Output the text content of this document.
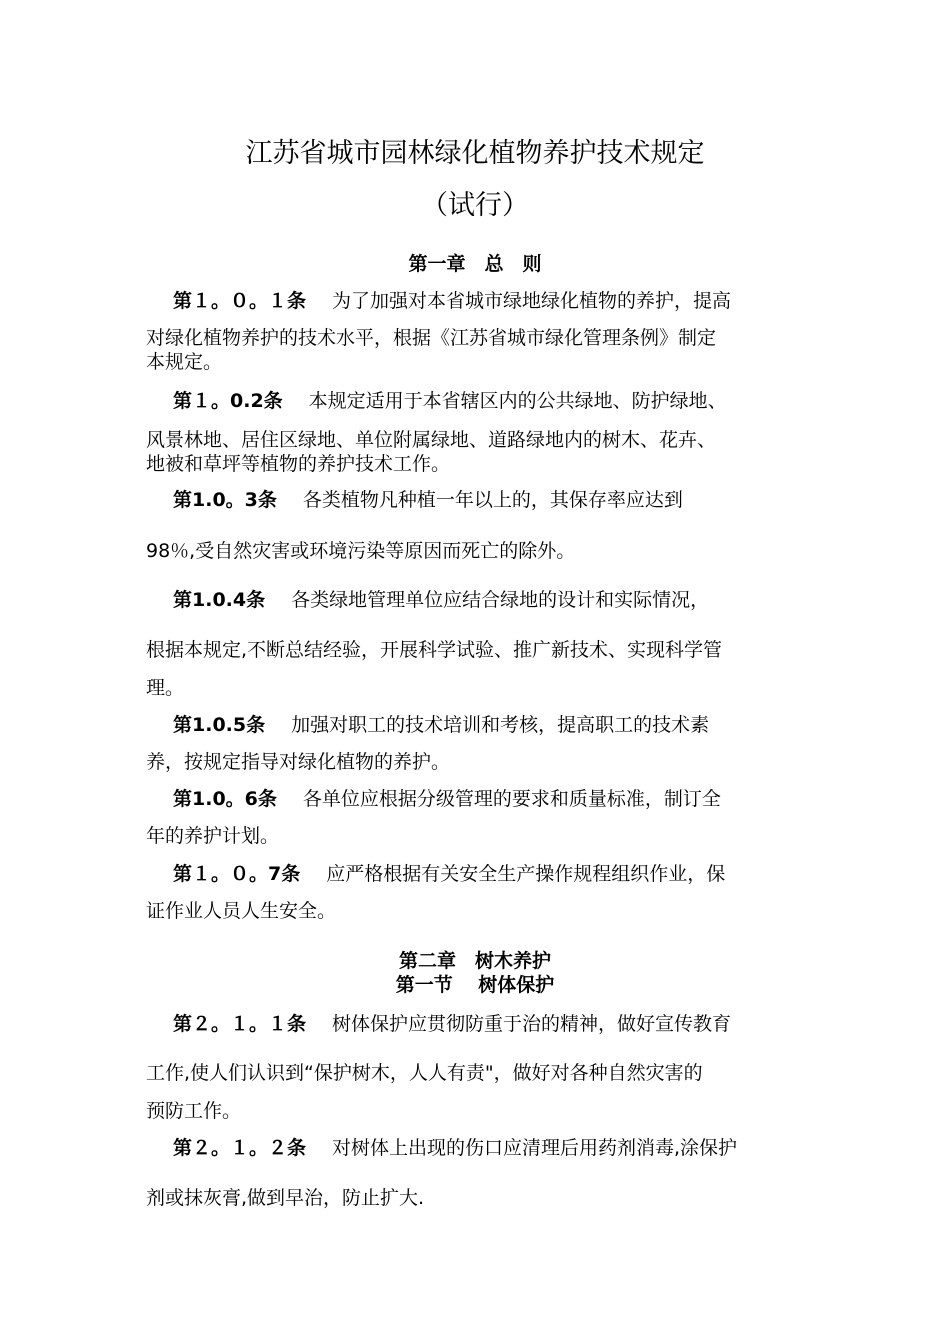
江苏省城市园林绿化植物养护技术规定
（试行）
第一章　总　则
第１。０。１条 为了加强对本省城市绿地绿化植物的养护，提高
对绿化植物养护的技术水平，根据《江苏省城市绿化管理条例》制定
本规定。
第１。0.2条 本规定适用于本省辖区内的公共绿地、防护绿地、
风景林地、居住区绿地、单位附属绿地、道路绿地内的树木、花卉、
地被和草坪等植物的养护技术工作。
第1.0。3条 各类植物凡种植一年以上的，其保存率应达到
98％,受自然灾害或环境污染等原因而死亡的除外。
第1.0.4条 各类绿地管理单位应结合绿地的设计和实际情况，
根据本规定,不断总结经验，开展科学试验、推广新技术、实现科学管
理。
第1.0.5条 加强对职工的技术培训和考核，提高职工的技术素
养，按规定指导对绿化植物的养护。
第1.0。6条 各单位应根据分级管理的要求和质量标准，制订全
年的养护计划。
第１。０。7条 应严格根据有关安全生产操作规程组织作业，保
证作业人员人生安全。
第二章　树木养护
第一节　 树体保护
第２。１。１条 树体保护应贯彻防重于治的精神，做好宣传教育
工作,使人们认识到“保护树木，人人有责"，做好对各种自然灾害的
预防工作。
第２。１。２条 对树体上出现的伤口应清理后用药剂消毒,涂保护
剂或抹灰膏,做到早治，防止扩大.
